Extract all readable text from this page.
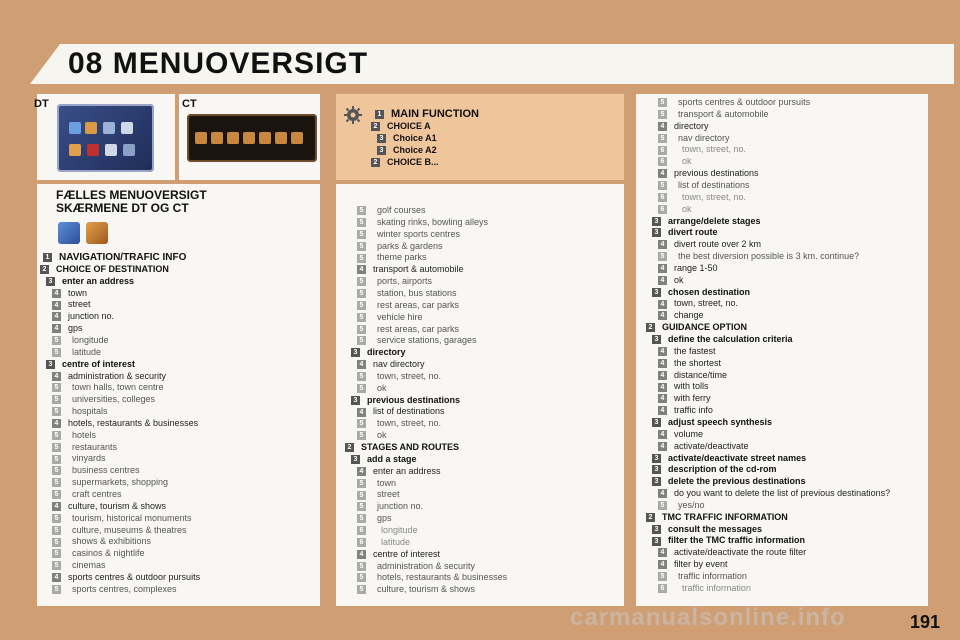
08 MENUOVERSIGT
DT	CT
1 MAIN FUNCTION
2 CHOICE A
3 Choice A1
3 Choice A2
2 CHOICE B...
FÆLLES MENUOVERSIGT
SKÆRMENE DT OG CT
1 NAVIGATION/TRAFIC INFO
2 CHOICE OF DESTINATION
3 enter an address
4 town
4 street
4 junction no.
4 gps
5 longitude
5 latitude
3 centre of interest
4 administration & security
5 town halls, town centre
5 universities, colleges
5 hospitals
4 hotels, restaurants & businesses
5 hotels
5 restaurants
5 vinyards
5 business centres
5 supermarkets, shopping
5 craft centres
4 culture, tourism & shows
5 tourism, historical monuments
5 culture, museums & theatres
5 shows & exhibitions
5 casinos & nightlife
5 cinemas
4 sports centres & outdoor pursuits
5 sports centres, complexes
5 golf courses
5 skating rinks, bowling alleys
5 winter sports centres
5 parks & gardens
5 theme parks
4 transport & automobile
5 ports, airports
5 station, bus stations
5 rest areas, car parks
5 vehicle hire
5 rest areas, car parks
5 service stations, garages
3 directory
4 nav directory
5 town, street, no.
5 ok
3 previous destinations
4 list of destinations
5 town, street, no.
5 ok
2 STAGES AND ROUTES
3 add a stage
4 enter an address
5 town
5 street
5 junction no.
5 gps
6 longitude
6 latitude
4 centre of interest
5 administration & security
5 hotels, restaurants & businesses
5 culture, tourism & shows
5 sports centres & outdoor pursuits
5 transport & automobile
4 directory
5 nav directory
6 town, street, no.
6 ok
4 previous destinations
5 list of destinations
6 town, street, no.
6 ok
3 arrange/delete stages
3 divert route
4 divert route over 2 km
5 the best diversion possible is 3 km. continue?
4 range 1-50
4 ok
3 chosen destination
4 town, street, no.
4 change
2 GUIDANCE OPTION
3 define the calculation criteria
4 the fastest
4 the shortest
4 distance/time
4 with tolls
4 with ferry
4 traffic info
3 adjust speech synthesis
4 volume
4 activate/deactivate
3 activate/deactivate street names
3 description of the cd-rom
3 delete the previous destinations
4 do you want to delete the list of previous destinations?
5 yes/no
2 TMC TRAFFIC INFORMATION
3 consult the messages
3 filter the TMC traffic information
4 activate/deactivate the route filter
4 filter by event
5 traffic information
6 traffic information
carmanualsonline.info	191
